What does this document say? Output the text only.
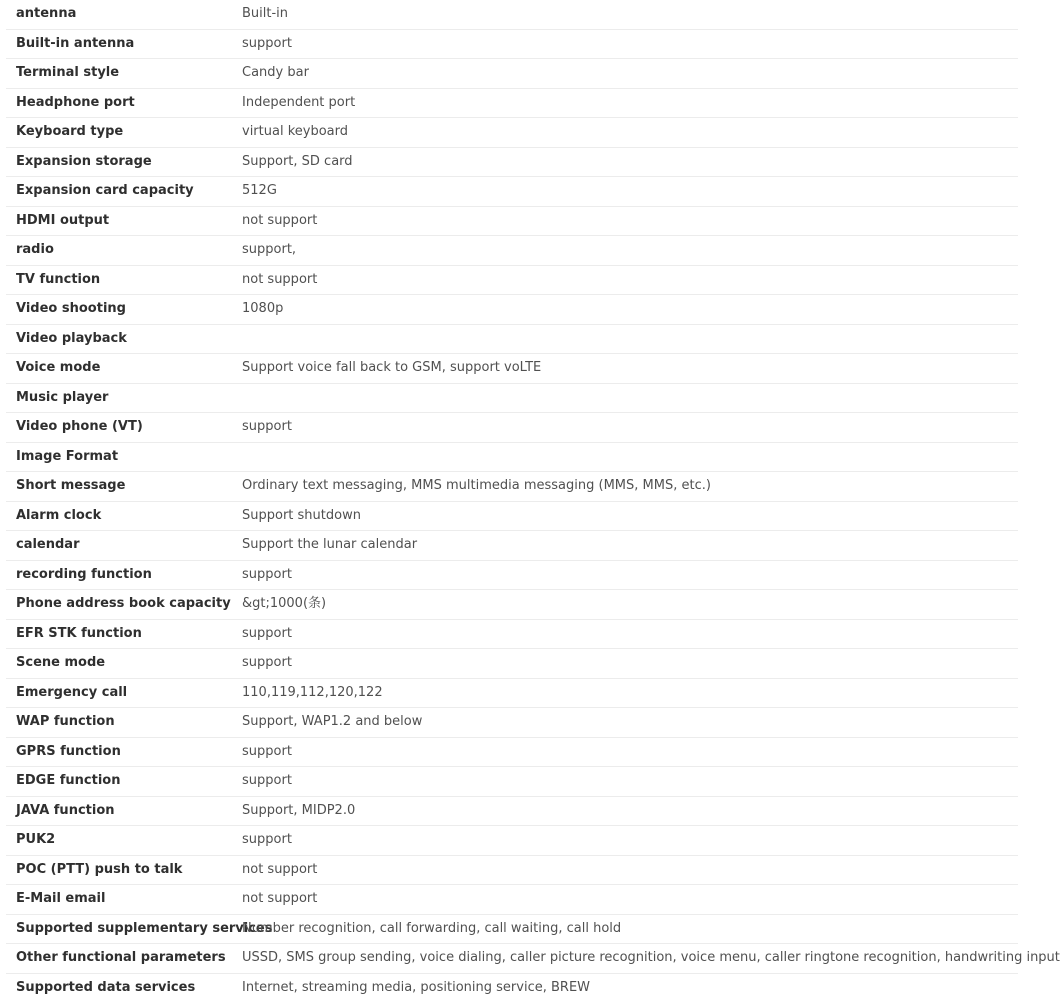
antenna	Built-in
Built-in antenna	support
Terminal style	Candy bar
Headphone port	Independent port
Keyboard type	virtual keyboard
Expansion storage	Support, SD card
Expansion card capacity	512G
HDMI output	not support
radio	support,
TV function	not support
Video shooting	1080p
Video playback	
Voice mode	Support voice fall back to GSM, support voLTE
Music player	
Video phone (VT)	support
Image Format	
Short message	Ordinary text messaging, MMS multimedia messaging (MMS, MMS, etc.)
Alarm clock	Support shutdown
calendar	Support the lunar calendar
recording function	support
Phone address book capacity	&gt;1000(条)
EFR STK function	support
Scene mode	support
Emergency call	110,119,112,120,122
WAP function	Support, WAP1.2 and below
GPRS function	support
EDGE function	support
JAVA function	Support, MIDP2.0
PUK2	support
POC (PTT) push to talk	not support
E-Mail email	not support
Supported supplementary services	Number recognition, call forwarding, call waiting, call hold
Other functional parameters	USSD, SMS group sending, voice dialing, caller picture recognition, voice menu, caller ringtone recognition, handwriting input
Supported data services	Internet, streaming media, positioning service, BREW
